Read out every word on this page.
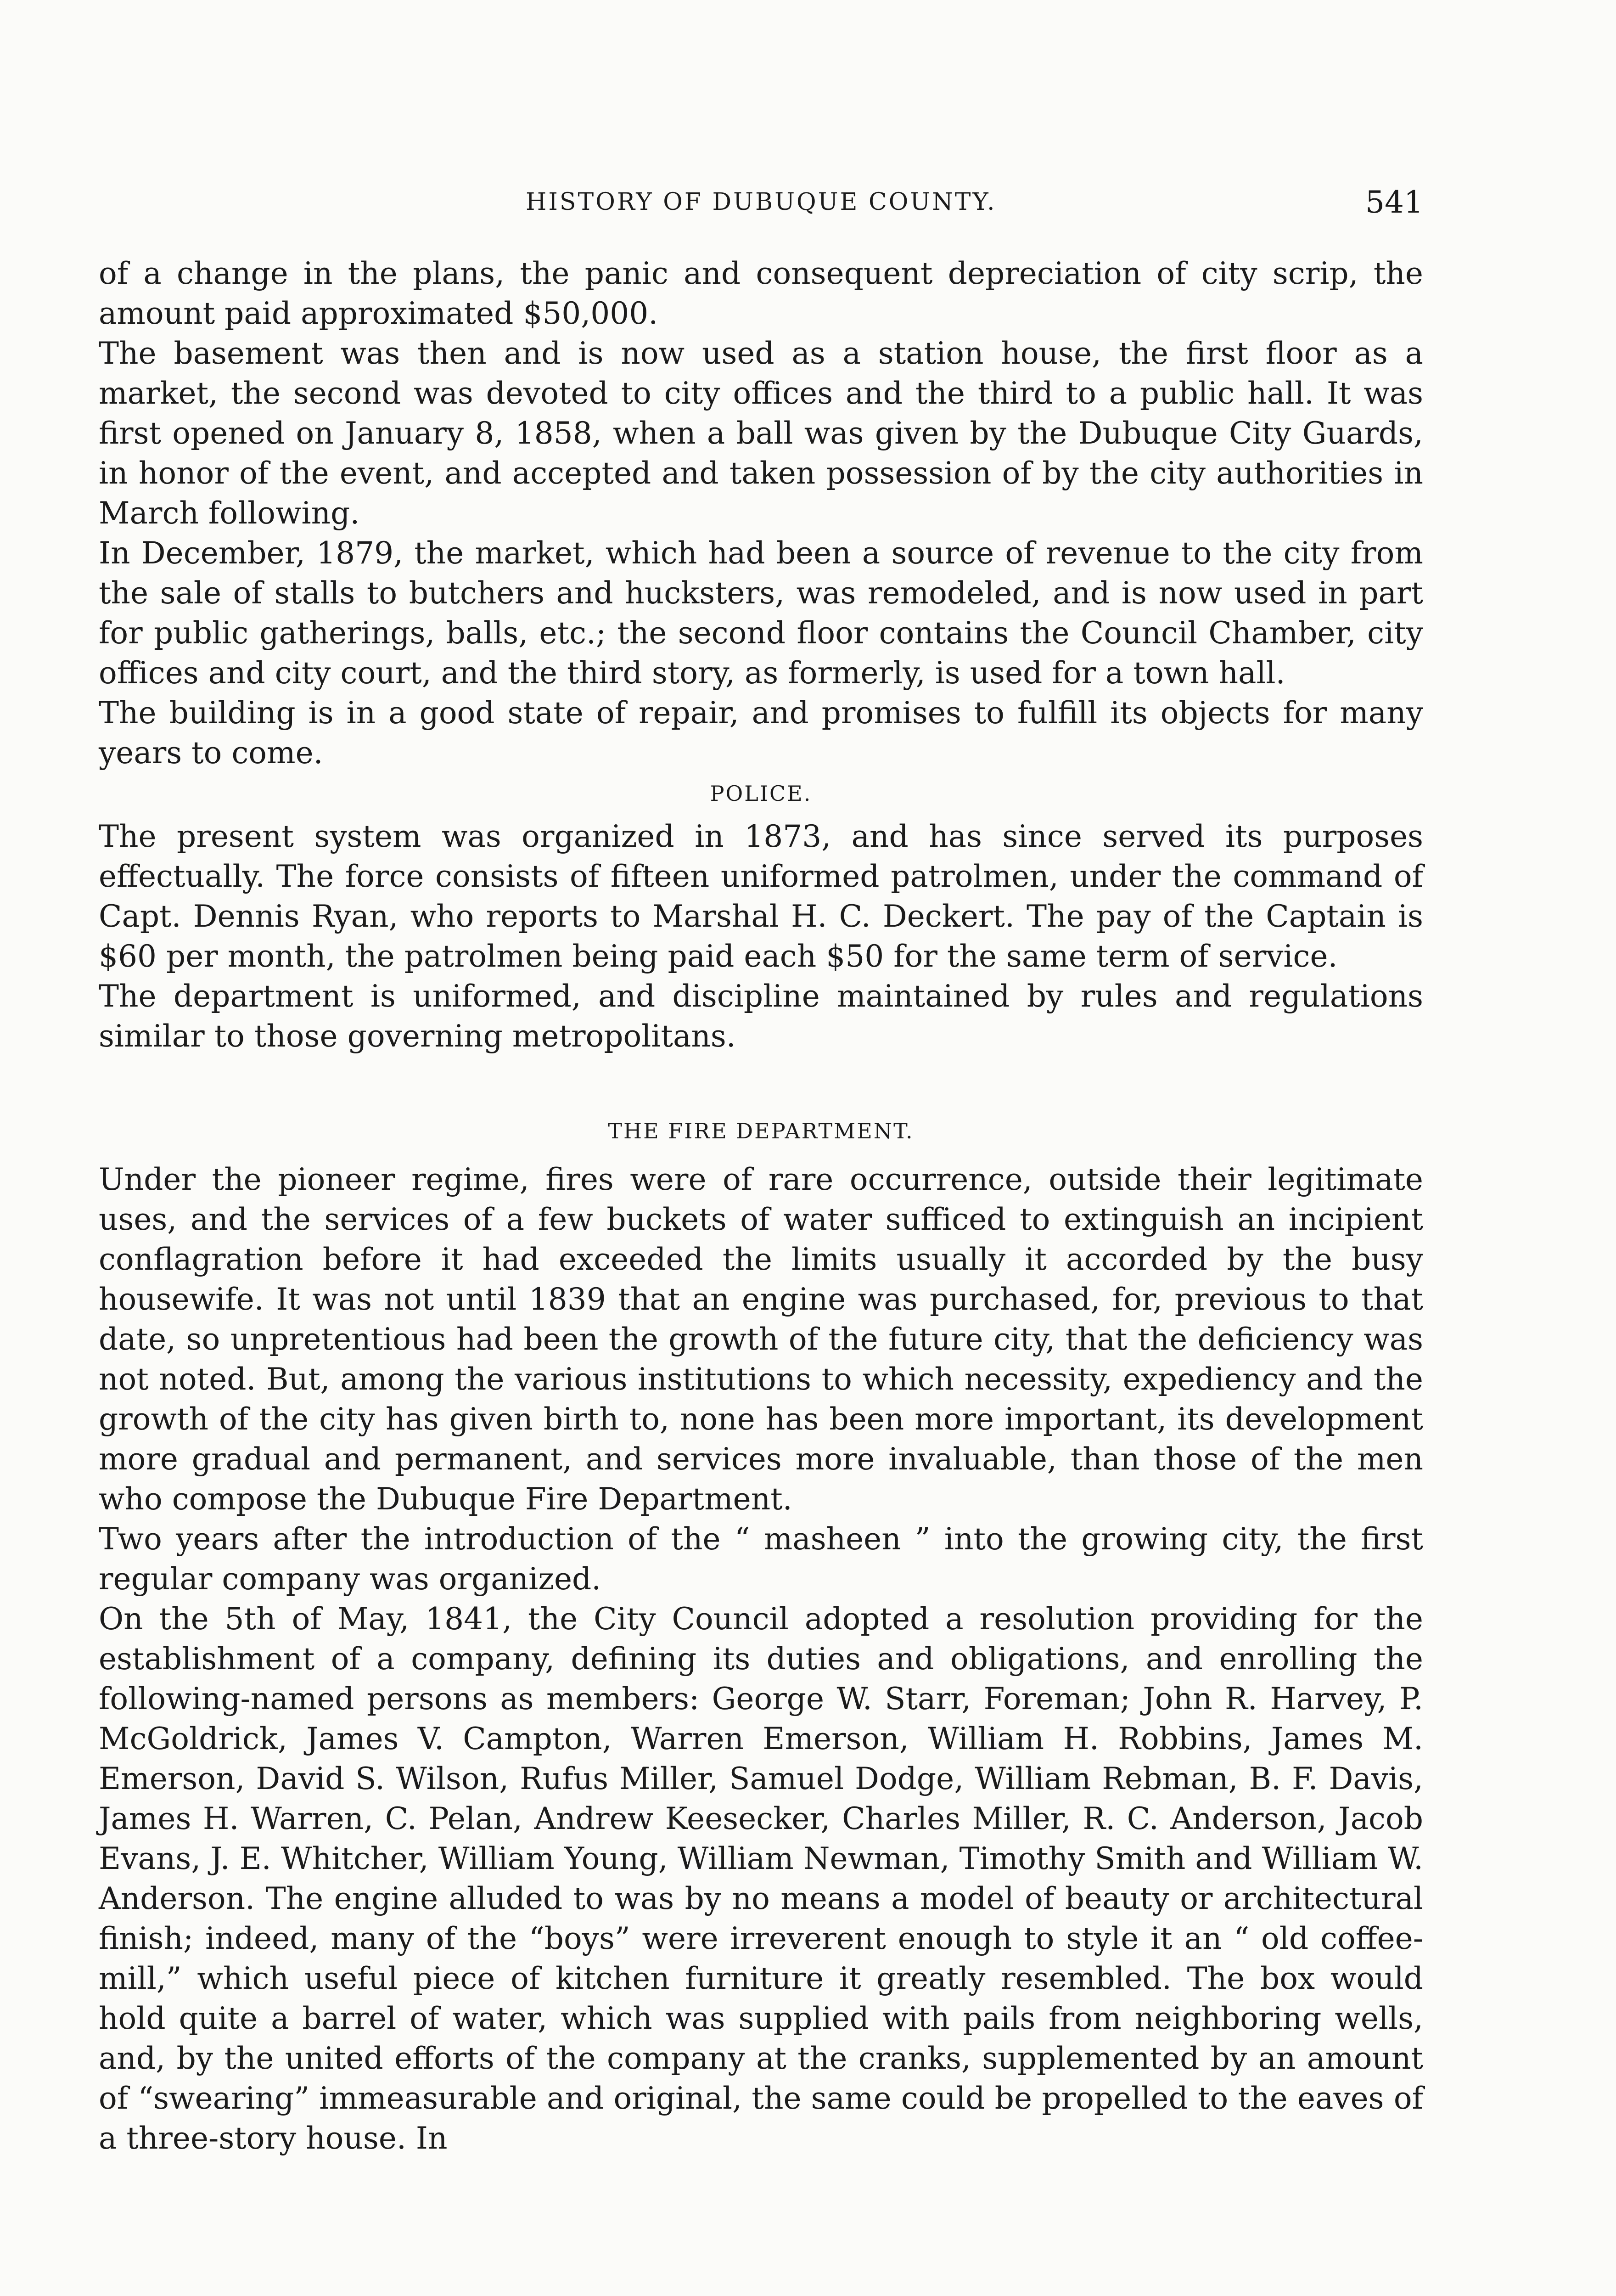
HISTORY OF DUBUQUE COUNTY.	541

of a change in the plans, the panic and consequent depreciation of city scrip, the amount paid approximated $50,000.

The basement was then and is now used as a station house, the first floor as a market, the second was devoted to city offices and the third to a public hall. It was first opened on January 8, 1858, when a ball was given by the Dubuque City Guards, in honor of the event, and accepted and taken possession of by the city authorities in March following.

In December, 1879, the market, which had been a source of revenue to the city from the sale of stalls to butchers and hucksters, was remodeled, and is now used in part for public gatherings, balls, etc.; the second floor contains the Council Chamber, city offices and city court, and the third story, as formerly, is used for a town hall.

The building is in a good state of repair, and promises to fulfill its objects for many years to come.

POLICE.

The present system was organized in 1873, and has since served its purposes effectually. The force consists of fifteen uniformed patrolmen, under the command of Capt. Dennis Ryan, who reports to Marshal H. C. Deckert. The pay of the Captain is $60 per month, the patrolmen being paid each $50 for the same term of service.

The department is uniformed, and discipline maintained by rules and regulations similar to those governing metropolitans.

THE FIRE DEPARTMENT.

Under the pioneer regime, fires were of rare occurrence, outside their legitimate uses, and the services of a few buckets of water sufficed to extinguish an incipient conflagration before it had exceeded the limits usually it accorded by the busy housewife. It was not until 1839 that an engine was purchased, for, previous to that date, so unpretentious had been the growth of the future city, that the deficiency was not noted. But, among the various institutions to which necessity, expediency and the growth of the city has given birth to, none has been more important, its development more gradual and permanent, and services more invaluable, than those of the men who compose the Dubuque Fire Department.

Two years after the introduction of the “ masheen ” into the growing city, the first regular company was organized.

On the 5th of May, 1841, the City Council adopted a resolution providing for the establishment of a company, defining its duties and obligations, and enrolling the following-named persons as members: George W. Starr, Foreman; John R. Harvey, P. McGoldrick, James V. Campton, Warren Emerson, William H. Robbins, James M. Emerson, David S. Wilson, Rufus Miller, Samuel Dodge, William Rebman, B. F. Davis, James H. Warren, C. Pelan, Andrew Keesecker, Charles Miller, R. C. Anderson, Jacob Evans, J. E. Whitcher, William Young, William Newman, Timothy Smith and William W. Anderson. The engine alluded to was by no means a model of beauty or architectural finish; indeed, many of the “boys” were irreverent enough to style it an “ old coffee-mill,” which useful piece of kitchen furniture it greatly resembled. The box would hold quite a barrel of water, which was supplied with pails from neighboring wells, and, by the united efforts of the company at the cranks, supplemented by an amount of “swearing” immeasurable and original, the same could be propelled to the eaves of a three-story house. In
